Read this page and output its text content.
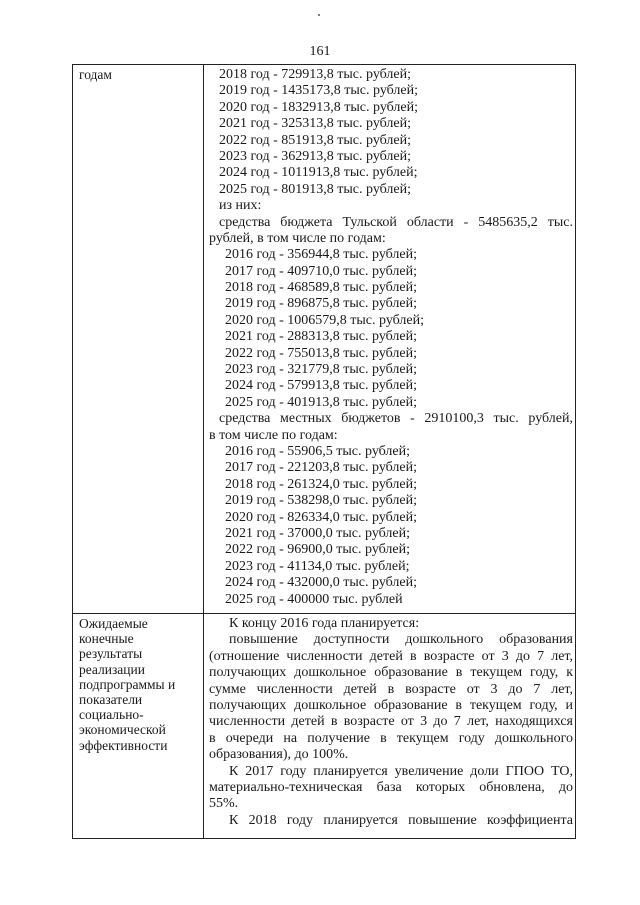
161
годам	2018 год - 729913,8 тыс. рублей;
2019 год - 1435173,8 тыс. рублей;
2020 год - 1832913,8 тыс. рублей;
2021 год - 325313,8 тыс. рублей;
2022 год - 851913,8 тыс. рублей;
2023 год - 362913,8 тыс. рублей;
2024 год - 1011913,8 тыс. рублей;
2025 год - 801913,8 тыс. рублей;
из них:
средства бюджета Тульской области - 5485635,2 тыс.
рублей, в том числе по годам:
2016 год - 356944,8 тыс. рублей;
2017 год - 409710,0 тыс. рублей;
2018 год - 468589,8 тыс. рублей;
2019 год - 896875,8 тыс. рублей;
2020 год - 1006579,8 тыс. рублей;
2021 год - 288313,8 тыс. рублей;
2022 год - 755013,8 тыс. рублей;
2023 год - 321779,8 тыс. рублей;
2024 год - 579913,8 тыс. рублей;
2025 год - 401913,8 тыс. рублей;
средства местных бюджетов - 2910100,3 тыс. рублей,
в том числе по годам:
2016 год - 55906,5 тыс. рублей;
2017 год - 221203,8 тыс. рублей;
2018 год - 261324,0 тыс. рублей;
2019 год - 538298,0 тыс. рублей;
2020 год - 826334,0 тыс. рублей;
2021 год - 37000,0 тыс. рублей;
2022 год - 96900,0 тыс. рублей;
2023 год - 41134,0 тыс. рублей;
2024 год - 432000,0 тыс. рублей;
2025 год - 400000 тыс. рублей
Ожидаемые
конечные
результаты
реализации
подпрограммы и
показатели
социально-
экономической
эффективности
К концу 2016 года планируется:
повышение доступности дошкольного образования
(отношение численности детей в возрасте от 3 до 7 лет,
получающих дошкольное образование в текущем году, к
сумме численности детей в возрасте от 3 до 7 лет,
получающих дошкольное образование в текущем году, и
численности детей в возрасте от 3 до 7 лет, находящихся
в очереди на получение в текущем году дошкольного
образования), до 100%.
К 2017 году планируется увеличение доли ГПОО ТО,
материально-техническая база которых обновлена, до
55%.
К 2018 году планируется повышение коэффициента
